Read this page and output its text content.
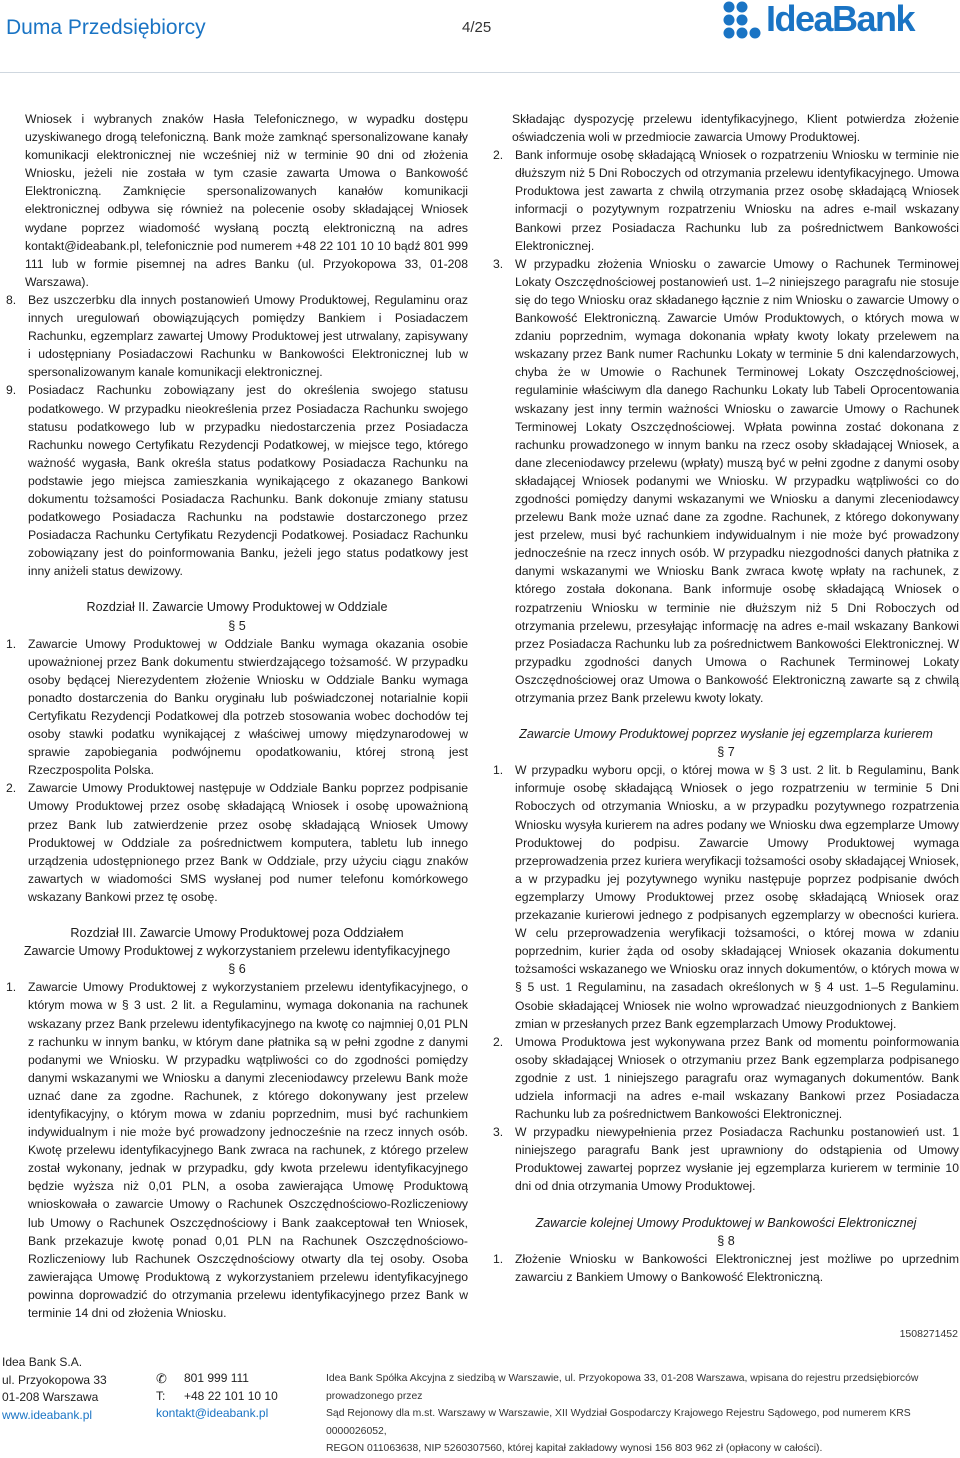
Duma Przedsiębiorcy	4/25	IdeaBank

Wniosek i wybranych znaków Hasła Telefonicznego, w wypadku dostępu uzyskiwanego drogą telefoniczną. Bank może zamknąć spersonalizowane kanały komunikacji elektronicznej nie wcześniej niż w terminie 90 dni od złożenia Wniosku, jeżeli nie została w tym czasie zawarta Umowa o Bankowość Elektroniczną. Zamknięcie spersonalizowanych kanałów komunikacji elektronicznej odbywa się również na polecenie osoby składającej Wniosek wydane poprzez wiadomość wysłaną pocztą elektroniczną na adres kontakt@ideabank.pl, telefonicznie pod numerem +48 22 101 10 10 bądź 801 999 111 lub w formie pisemnej na adres Banku (ul. Przyokopowa 33, 01-208 Warszawa).

8. Bez uszczerbku dla innych postanowień Umowy Produktowej, Regulaminu oraz innych uregulowań obowiązujących pomiędzy Bankiem i Posiadaczem Rachunku, egzemplarz zawartej Umowy Produktowej jest utrwalany, zapisywany i udostępniany Posiadaczowi Rachunku w Bankowości Elektronicznej lub w spersonalizowanym kanale komunikacji elektronicznej.

9. Posiadacz Rachunku zobowiązany jest do określenia swojego statusu podatkowego. W przypadku nieokreślenia przez Posiadacza Rachunku swojego statusu podatkowego lub w przypadku niedostarczenia przez Posiadacza Rachunku nowego Certyfikatu Rezydencji Podatkowej, w miejsce tego, którego ważność wygasła, Bank określa status podatkowy Posiadacza Rachunku na podstawie jego miejsca zamieszkania wynikającego z okazanego Bankowi dokumentu tożsamości Posiadacza Rachunku. Bank dokonuje zmiany statusu podatkowego Posiadacza Rachunku na podstawie dostarczonego przez Posiadacza Rachunku Certyfikatu Rezydencji Podatkowej. Posiadacz Rachunku zobowiązany jest do poinformowania Banku, jeżeli jego status podatkowy jest inny aniżeli status dewizowy.

Rozdział II. Zawarcie Umowy Produktowej w Oddziale

§ 5

1. Zawarcie Umowy Produktowej w Oddziale Banku wymaga okazania osobie upoważnionej przez Bank dokumentu stwierdzającego tożsamość. W przypadku osoby będącej Nierezydentem złożenie Wniosku w Oddziale Banku wymaga ponadto dostarczenia do Banku oryginału lub poświadczonej notarialnie kopii Certyfikatu Rezydencji Podatkowej dla potrzeb stosowania wobec dochodów tej osoby stawki podatku wynikającej z właściwej umowy międzynarodowej w sprawie zapobiegania podwójnemu opodatkowaniu, której stroną jest Rzeczpospolita Polska.

2. Zawarcie Umowy Produktowej następuje w Oddziale Banku poprzez podpisanie Umowy Produktowej przez osobę składającą Wniosek i osobę upoważnioną przez Bank lub zatwierdzenie przez osobę składającą Wniosek Umowy Produktowej w Oddziale za pośrednictwem komputera, tabletu lub innego urządzenia udostępnionego przez Bank w Oddziale, przy użyciu ciągu znaków zawartych w wiadomości SMS wysłanej pod numer telefonu komórkowego wskazany Bankowi przez tę osobę.

Rozdział III. Zawarcie Umowy Produktowej poza Oddziałem

Zawarcie Umowy Produktowej z wykorzystaniem przelewu identyfikacyjnego

§ 6

1. Zawarcie Umowy Produktowej z wykorzystaniem przelewu identyfikacyjnego, o którym mowa w § 3 ust. 2 lit. a Regulaminu, wymaga dokonania na rachunek wskazany przez Bank przelewu identyfikacyjnego na kwotę co najmniej 0,01 PLN z rachunku w innym banku, w którym dane płatnika są w pełni zgodne z danymi podanymi we Wniosku. W przypadku wątpliwości co do zgodności pomiędzy danymi wskazanymi we Wniosku a danymi zleceniodawcy przelewu Bank może uznać dane za zgodne. Rachunek, z którego dokonywany jest przelew identyfikacyjny, o którym mowa w zdaniu poprzednim, musi być rachunkiem indywidualnym i nie może być prowadzony jednocześnie na rzecz innych osób. Kwotę przelewu identyfikacyjnego Bank zwraca na rachunek, z którego przelew został wykonany, jednak w przypadku, gdy kwota przelewu identyfikacyjnego będzie wyższa niż 0,01 PLN, a osoba zawierająca Umowę Produktową wnioskowała o zawarcie Umowy o Rachunek Oszczędnościowo-Rozliczeniowy lub Umowy o Rachunek Oszczędnościowy i Bank zaakceptował ten Wniosek, Bank przekazuje kwotę ponad 0,01 PLN na Rachunek Oszczędnościowo-Rozliczeniowy lub Rachunek Oszczędnościowy otwarty dla tej osoby. Osoba zawierająca Umowę Produktową z wykorzystaniem przelewu identyfikacyjnego powinna doprowadzić do otrzymania przelewu identyfikacyjnego przez Bank w terminie 14 dni od złożenia Wniosku.

Składając dyspozycję przelewu identyfikacyjnego, Klient potwierdza złożenie oświadczenia woli w przedmiocie zawarcia Umowy Produktowej.

2. Bank informuje osobę składającą Wniosek o rozpatrzeniu Wniosku w terminie nie dłuższym niż 5 Dni Roboczych od otrzymania przelewu identyfikacyjnego. Umowa Produktowa jest zawarta z chwilą otrzymania przez osobę składającą Wniosek informacji o pozytywnym rozpatrzeniu Wniosku na adres e-mail wskazany Bankowi przez Posiadacza Rachunku lub za pośrednictwem Bankowości Elektronicznej.

3. W przypadku złożenia Wniosku o zawarcie Umowy o Rachunek Terminowej Lokaty Oszczędnościowej postanowień ust. 1–2 niniejszego paragrafu nie stosuje się do tego Wniosku oraz składanego łącznie z nim Wniosku o zawarcie Umowy o Bankowość Elektroniczną. Zawarcie Umów Produktowych, o których mowa w zdaniu poprzednim, wymaga dokonania wpłaty kwoty lokaty przelewem na wskazany przez Bank numer Rachunku Lokaty w terminie 5 dni kalendarzowych, chyba że w Umowie o Rachunek Terminowej Lokaty Oszczędnościowej, regulaminie właściwym dla danego Rachunku Lokaty lub Tabeli Oprocentowania wskazany jest inny termin ważności Wniosku o zawarcie Umowy o Rachunek Terminowej Lokaty Oszczędnościowej. Wpłata powinna zostać dokonana z rachunku prowadzonego w innym banku na rzecz osoby składającej Wniosek, a dane zleceniodawcy przelewu (wpłaty) muszą być w pełni zgodne z danymi osoby składającej Wniosek podanymi we Wniosku. W przypadku wątpliwości co do zgodności pomiędzy danymi wskazanymi we Wniosku a danymi zleceniodawcy przelewu Bank może uznać dane za zgodne. Rachunek, z którego dokonywany jest przelew, musi być rachunkiem indywidualnym i nie może być prowadzony jednocześnie na rzecz innych osób. W przypadku niezgodności danych płatnika z danymi wskazanymi we Wniosku Bank zwraca kwotę wpłaty na rachunek, z którego została dokonana. Bank informuje osobę składającą Wniosek o rozpatrzeniu Wniosku w terminie nie dłuższym niż 5 Dni Roboczych od otrzymania przelewu, przesyłając informację na adres e-mail wskazany Bankowi przez Posiadacza Rachunku lub za pośrednictwem Bankowości Elektronicznej. W przypadku zgodności danych Umowa o Rachunek Terminowej Lokaty Oszczędnościowej oraz Umowa o Bankowość Elektroniczną zawarte są z chwilą otrzymania przez Bank przelewu kwoty lokaty.

Zawarcie Umowy Produktowej poprzez wysłanie jej egzemplarza kurierem

§ 7

1. W przypadku wyboru opcji, o której mowa w § 3 ust. 2 lit. b Regulaminu, Bank informuje osobę składającą Wniosek o jego rozpatrzeniu w terminie 5 Dni Roboczych od otrzymania Wniosku, a w przypadku pozytywnego rozpatrzenia Wniosku wysyła kurierem na adres podany we Wniosku dwa egzemplarze Umowy Produktowej do podpisu. Zawarcie Umowy Produktowej wymaga przeprowadzenia przez kuriera weryfikacji tożsamości osoby składającej Wniosek, a w przypadku jej pozytywnego wyniku następuje poprzez podpisanie dwóch egzemplarzy Umowy Produktowej przez osobę składającą Wniosek oraz przekazanie kurierowi jednego z podpisanych egzemplarzy w obecności kuriera. W celu przeprowadzenia weryfikacji tożsamości, o której mowa w zdaniu poprzednim, kurier żąda od osoby składającej Wniosek okazania dokumentu tożsamości wskazanego we Wniosku oraz innych dokumentów, o których mowa w § 5 ust. 1 Regulaminu, na zasadach określonych w § 4 ust. 1–5 Regulaminu. Osobie składającej Wniosek nie wolno wprowadzać nieuzgodnionych z Bankiem zmian w przesłanych przez Bank egzemplarzach Umowy Produktowej.

2. Umowa Produktowa jest wykonywana przez Bank od momentu poinformowania osoby składającej Wniosek o otrzymaniu przez Bank egzemplarza podpisanego zgodnie z ust. 1 niniejszego paragrafu oraz wymaganych dokumentów. Bank udziela informacji na adres e-mail wskazany Bankowi przez Posiadacza Rachunku lub za pośrednictwem Bankowości Elektronicznej.

3. W przypadku niewypełnienia przez Posiadacza Rachunku postanowień ust. 1 niniejszego paragrafu Bank jest uprawniony do odstąpienia od Umowy Produktowej zawartej poprzez wysłanie jej egzemplarza kurierem w terminie 10 dni od dnia otrzymania Umowy Produktowej.

Zawarcie kolejnej Umowy Produktowej w Bankowości Elektronicznej

§ 8

1. Złożenie Wniosku w Bankowości Elektronicznej jest możliwe po uprzednim zawarciu z Bankiem Umowy o Bankowość Elektroniczną.

1508271452
Idea Bank S.A.
ul. Przyokopowa 33
01-208 Warszawa
www.ideabank.pl
✆	801 999 111
T:	+48 22 101 10 10
kontakt@ideabank.pl
Idea Bank Spółka Akcyjna z siedzibą w Warszawie, ul. Przyokopowa 33, 01-208 Warszawa, wpisana do rejestru przedsiębiorców prowadzonego przez
Sąd Rejonowy dla m.st. Warszawy w Warszawie, XII Wydział Gospodarczy Krajowego Rejestru Sądowego, pod numerem KRS 0000026052,
REGON 011063638, NIP 5260307560, której kapitał zakładowy wynosi 156 803 962 zł (opłacony w całości).
